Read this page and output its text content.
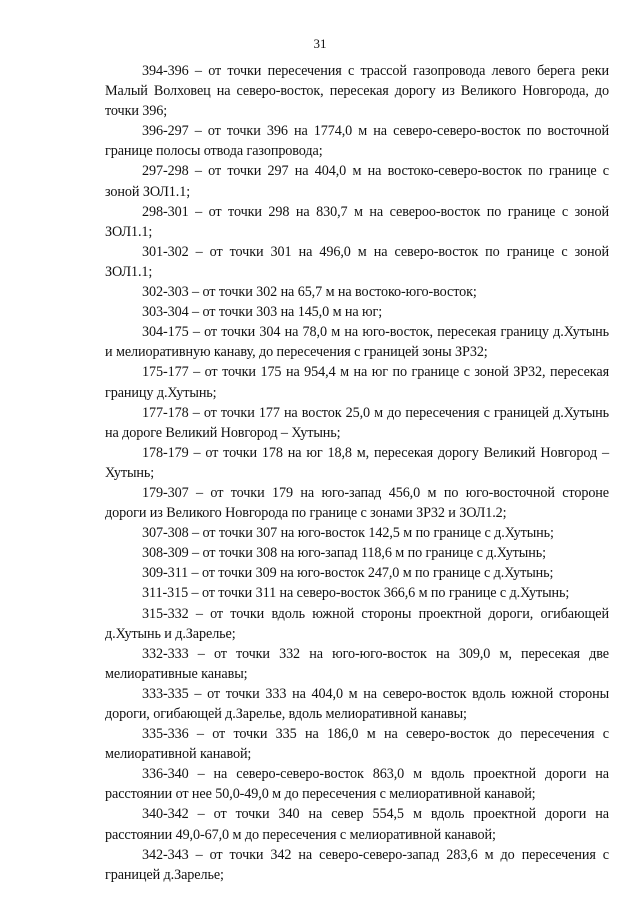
31

394-396 – от точки пересечения с трассой газопровода левого берега реки Малый Волховец на северо-восток, пересекая дорогу из Великого Новгорода, до точки 396;

396-297 – от точки 396 на 1774,0 м на северо-северо-восток по восточной границе полосы отвода газопровода;

297-298 – от точки 297 на 404,0 м на востоко-северо-восток по границе с зоной ЗОЛ1.1;

298-301 – от точки 298 на 830,7 м на североо-восток по границе с зоной ЗОЛ1.1;

301-302 – от точки 301 на 496,0 м на северо-восток по границе с зоной ЗОЛ1.1;

302-303 – от точки 302 на 65,7 м на востоко-юго-восток;

303-304 – от точки 303 на 145,0 м на юг;

304-175 – от точки 304 на 78,0 м на юго-восток, пересекая границу д.Хутынь и мелиоративную канаву, до пересечения с границей зоны ЗР32;

175-177 – от точки 175 на 954,4 м на юг по границе с зоной ЗР32, пересекая границу д.Хутынь;

177-178 – от точки 177 на восток 25,0 м до пересечения с границей д.Хутынь на дороге Великий Новгород – Хутынь;

178-179 – от точки 178 на юг 18,8 м, пересекая дорогу Великий Новгород – Хутынь;

179-307 – от точки 179 на юго-запад 456,0 м по юго-восточной стороне дороги из Великого Новгорода по границе с зонами ЗР32 и ЗОЛ1.2;

307-308 – от точки 307 на юго-восток 142,5 м по границе с д.Хутынь;

308-309 – от точки 308 на юго-запад 118,6 м по границе с д.Хутынь;

309-311 – от точки 309 на юго-восток 247,0 м по границе с д.Хутынь;

311-315 – от точки 311 на северо-восток 366,6 м по границе с д.Хутынь;

315-332 – от точки вдоль южной стороны проектной дороги, огибающей д.Хутынь и д.Зарелье;

332-333 – от точки 332 на юго-юго-восток на 309,0 м, пересекая две мелиоративные канавы;

333-335 – от точки 333 на 404,0 м на северо-восток вдоль южной стороны дороги, огибающей д.Зарелье, вдоль мелиоративной канавы;

335-336 – от точки 335 на 186,0 м на северо-восток до пересечения с мелиоративной канавой;

336-340 – на северо-северо-восток 863,0 м вдоль проектной дороги на расстоянии от нее 50,0-49,0 м до пересечения с мелиоративной канавой;

340-342 – от точки 340 на север 554,5 м вдоль проектной дороги на расстоянии 49,0-67,0 м до пересечения с мелиоративной канавой;

342-343 – от точки 342 на северо-северо-запад 283,6 м до пересечения с границей д.Зарелье;
